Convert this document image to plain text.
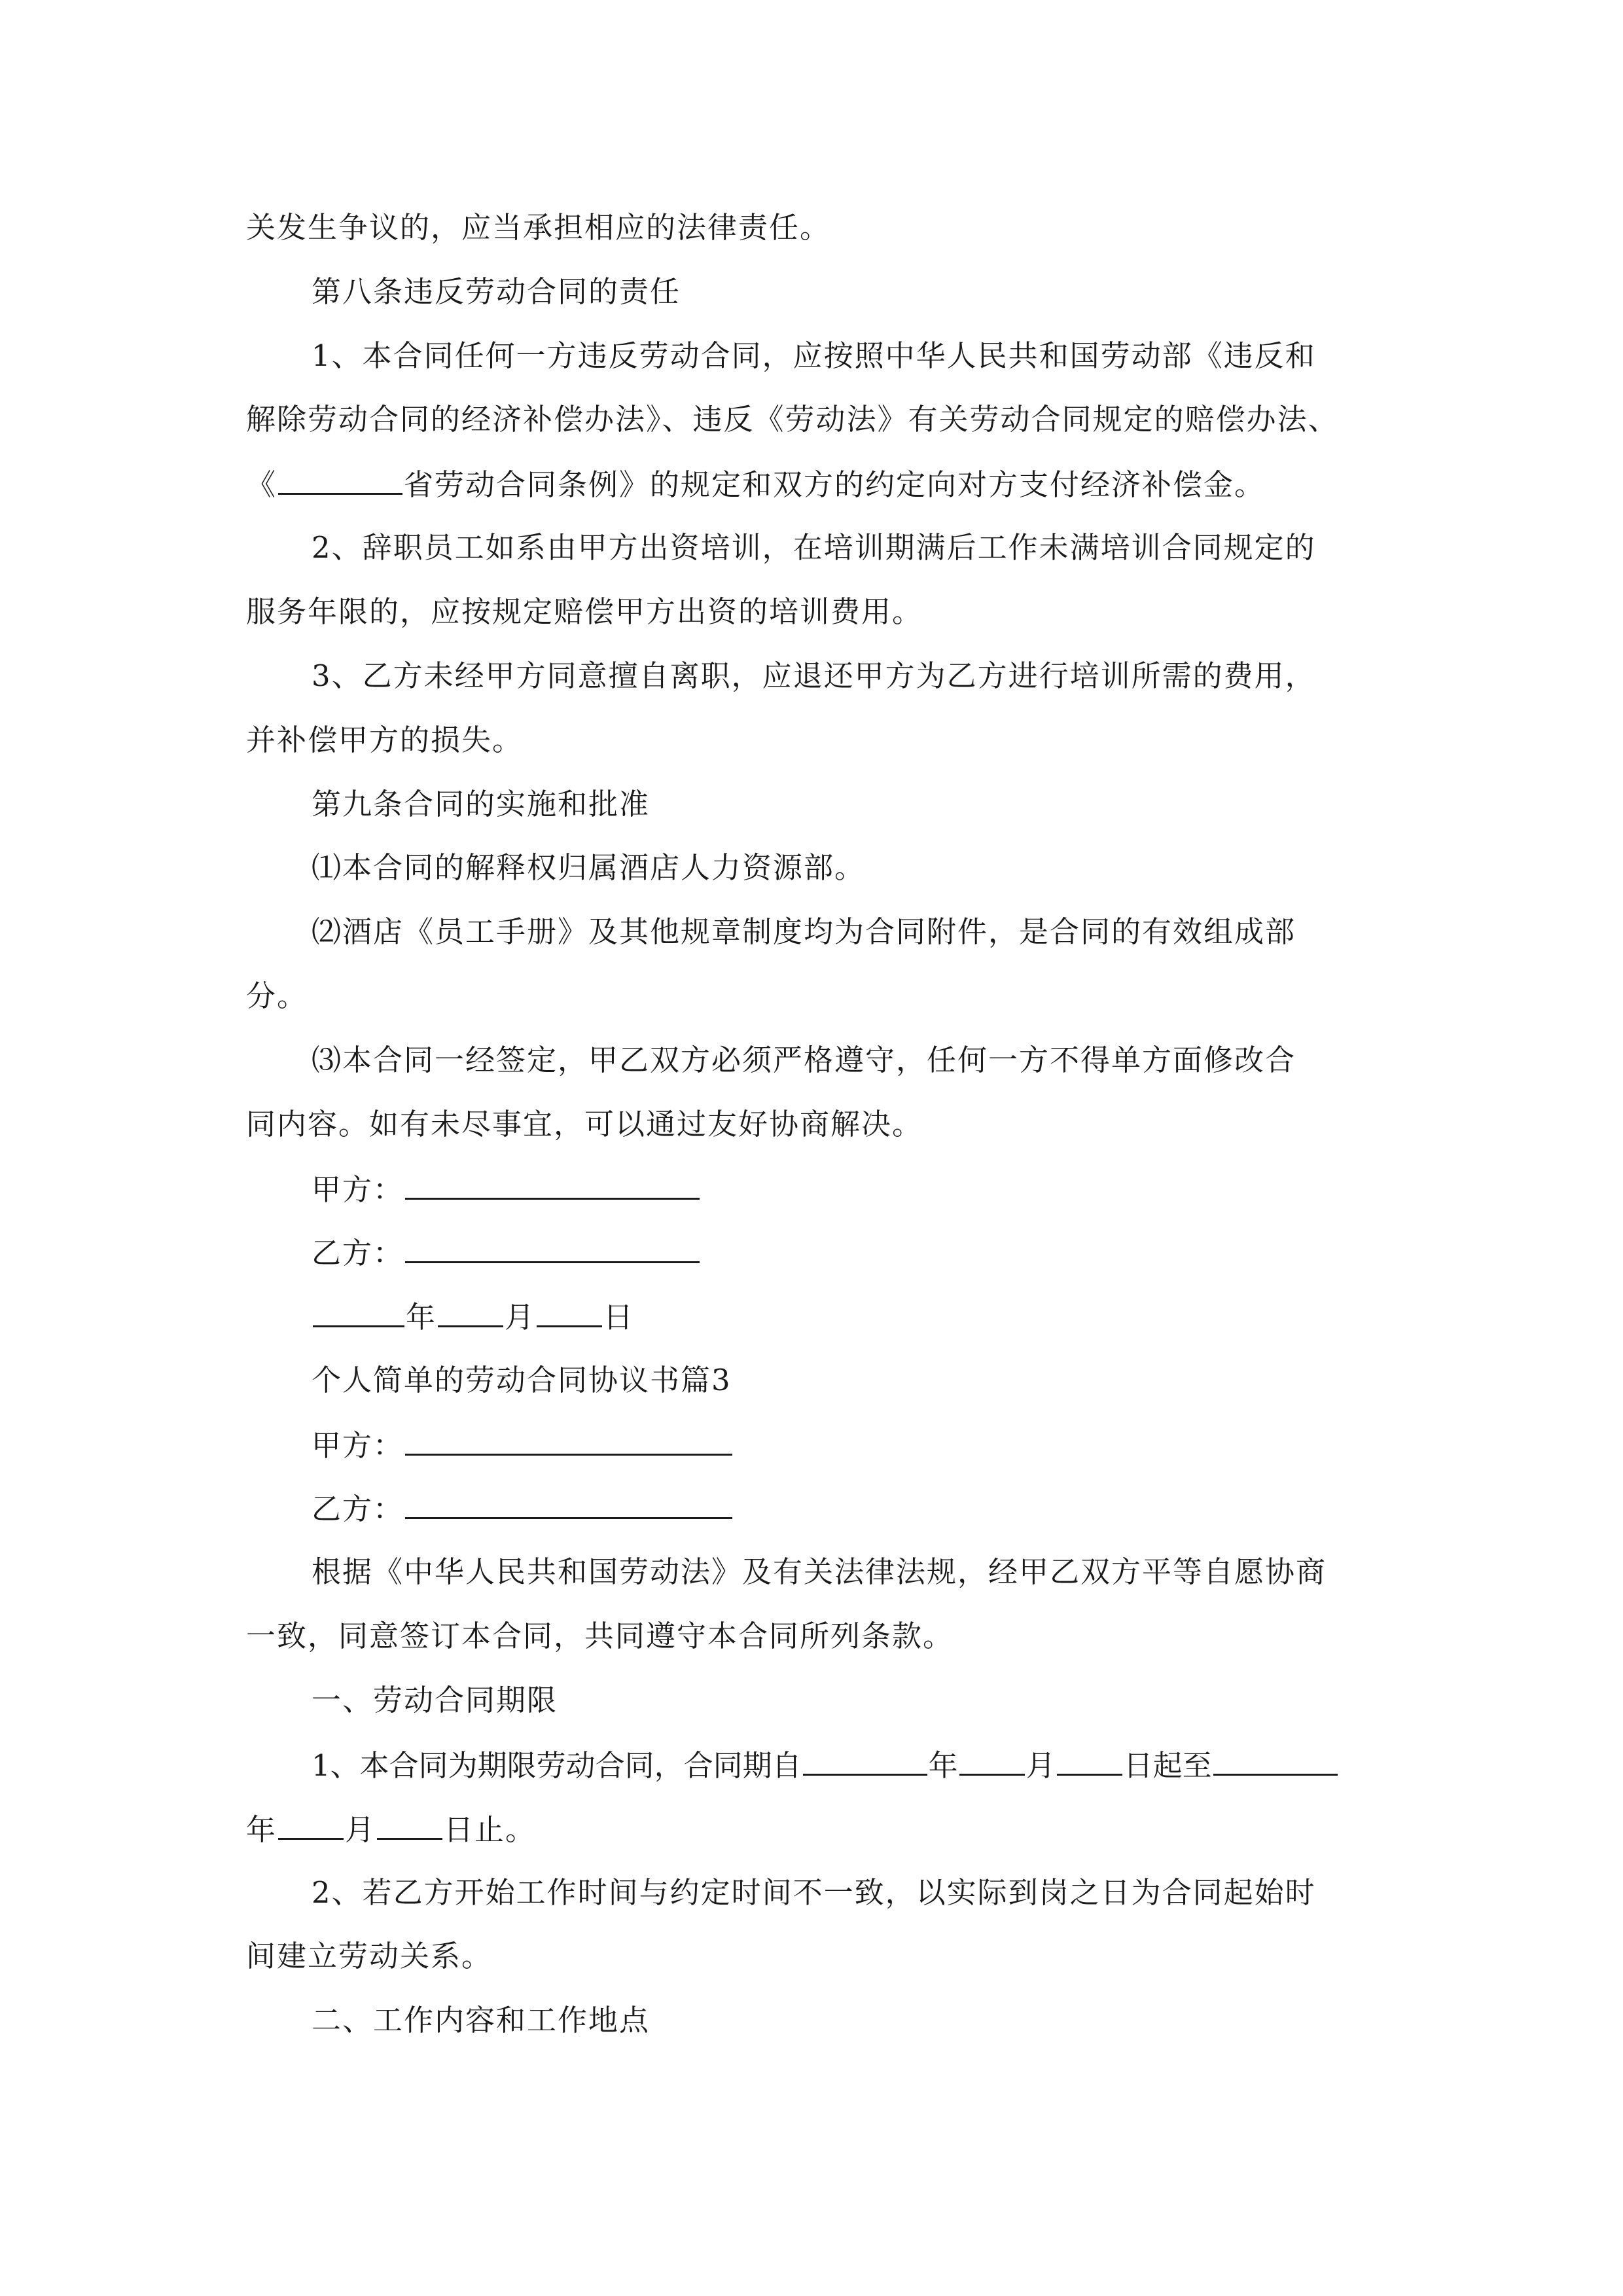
关发生争议的，应当承担相应的法律责任。
第八条违反劳动合同的责任
1、本合同任何一方违反劳动合同，应按照中华人民共和国劳动部《违反和
解除劳动合同的经济补偿办法》、违反《劳动法》有关劳动合同规定的赔偿办法、
《	省劳动合同条例》的规定和双方的约定向对方支付经济补偿金。
2、辞职员工如系由甲方出资培训，在培训期满后工作未满培训合同规定的
服务年限的，应按规定赔偿甲方出资的培训费用。
3、乙方未经甲方同意擅自离职，应退还甲方为乙方进行培训所需的费用，
并补偿甲方的损失。
第九条合同的实施和批准
⑴本合同的解释权归属酒店人力资源部。
⑵酒店《员工手册》及其他规章制度均为合同附件，是合同的有效组成部
分。
⑶本合同一经签定，甲乙双方必须严格遵守，任何一方不得单方面修改合
同内容。如有未尽事宜，可以通过友好协商解决。
甲方：
乙方：
年 月 日
个人简单的劳动合同协议书篇3
甲方：
乙方：
根据《中华人民共和国劳动法》及有关法律法规，经甲乙双方平等自愿协商
一致，同意签订本合同，共同遵守本合同所列条款。
一、劳动合同期限
1、本合同为期限劳动合同，合同期自	年 月 日起至
年 月 日止。
2、若乙方开始工作时间与约定时间不一致，以实际到岗之日为合同起始时
间建立劳动关系。
二、工作内容和工作地点
